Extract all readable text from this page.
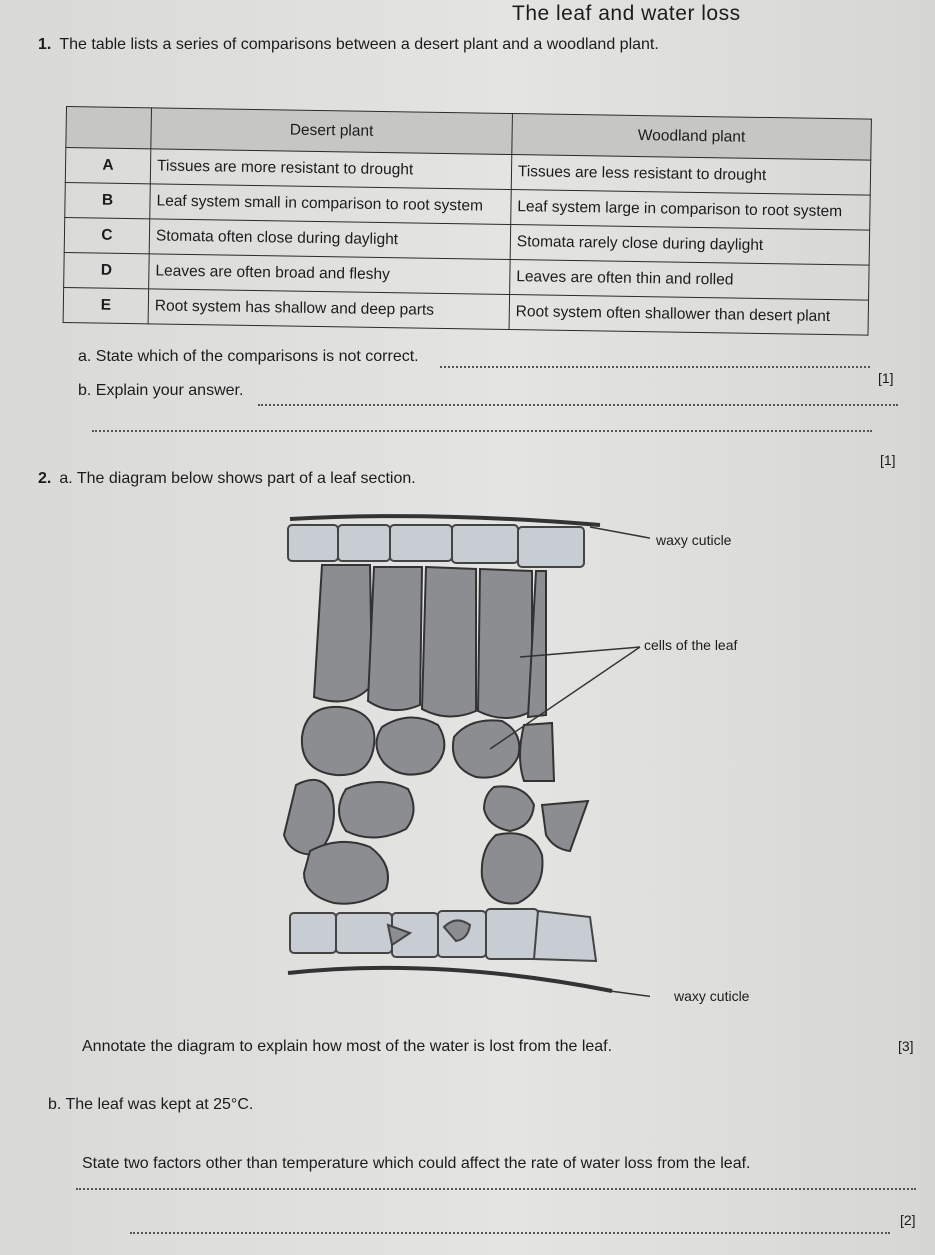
The leaf and water loss
1. The table lists a series of comparisons between a desert plant and a woodland plant.
	Desert plant	Woodland plant
A	Tissues are more resistant to drought	Tissues are less resistant to drought
B	Leaf system small in comparison to root system	Leaf system large in comparison to root system
C	Stomata often close during daylight	Stomata rarely close during daylight
D	Leaves are often broad and fleshy	Leaves are often thin and rolled
E	Root system has shallow and deep parts	Root system often shallower than desert plant
a. State which of the comparisons is not correct.
[1]
b. Explain your answer.
[1]
2. a. The diagram below shows part of a leaf section.
waxy cuticle
cells of the leaf
waxy cuticle
Annotate the diagram to explain how most of the water is lost from the leaf.	[3]
b. The leaf was kept at 25°C.
State two factors other than temperature which could affect the rate of water loss from the leaf.
[2]
